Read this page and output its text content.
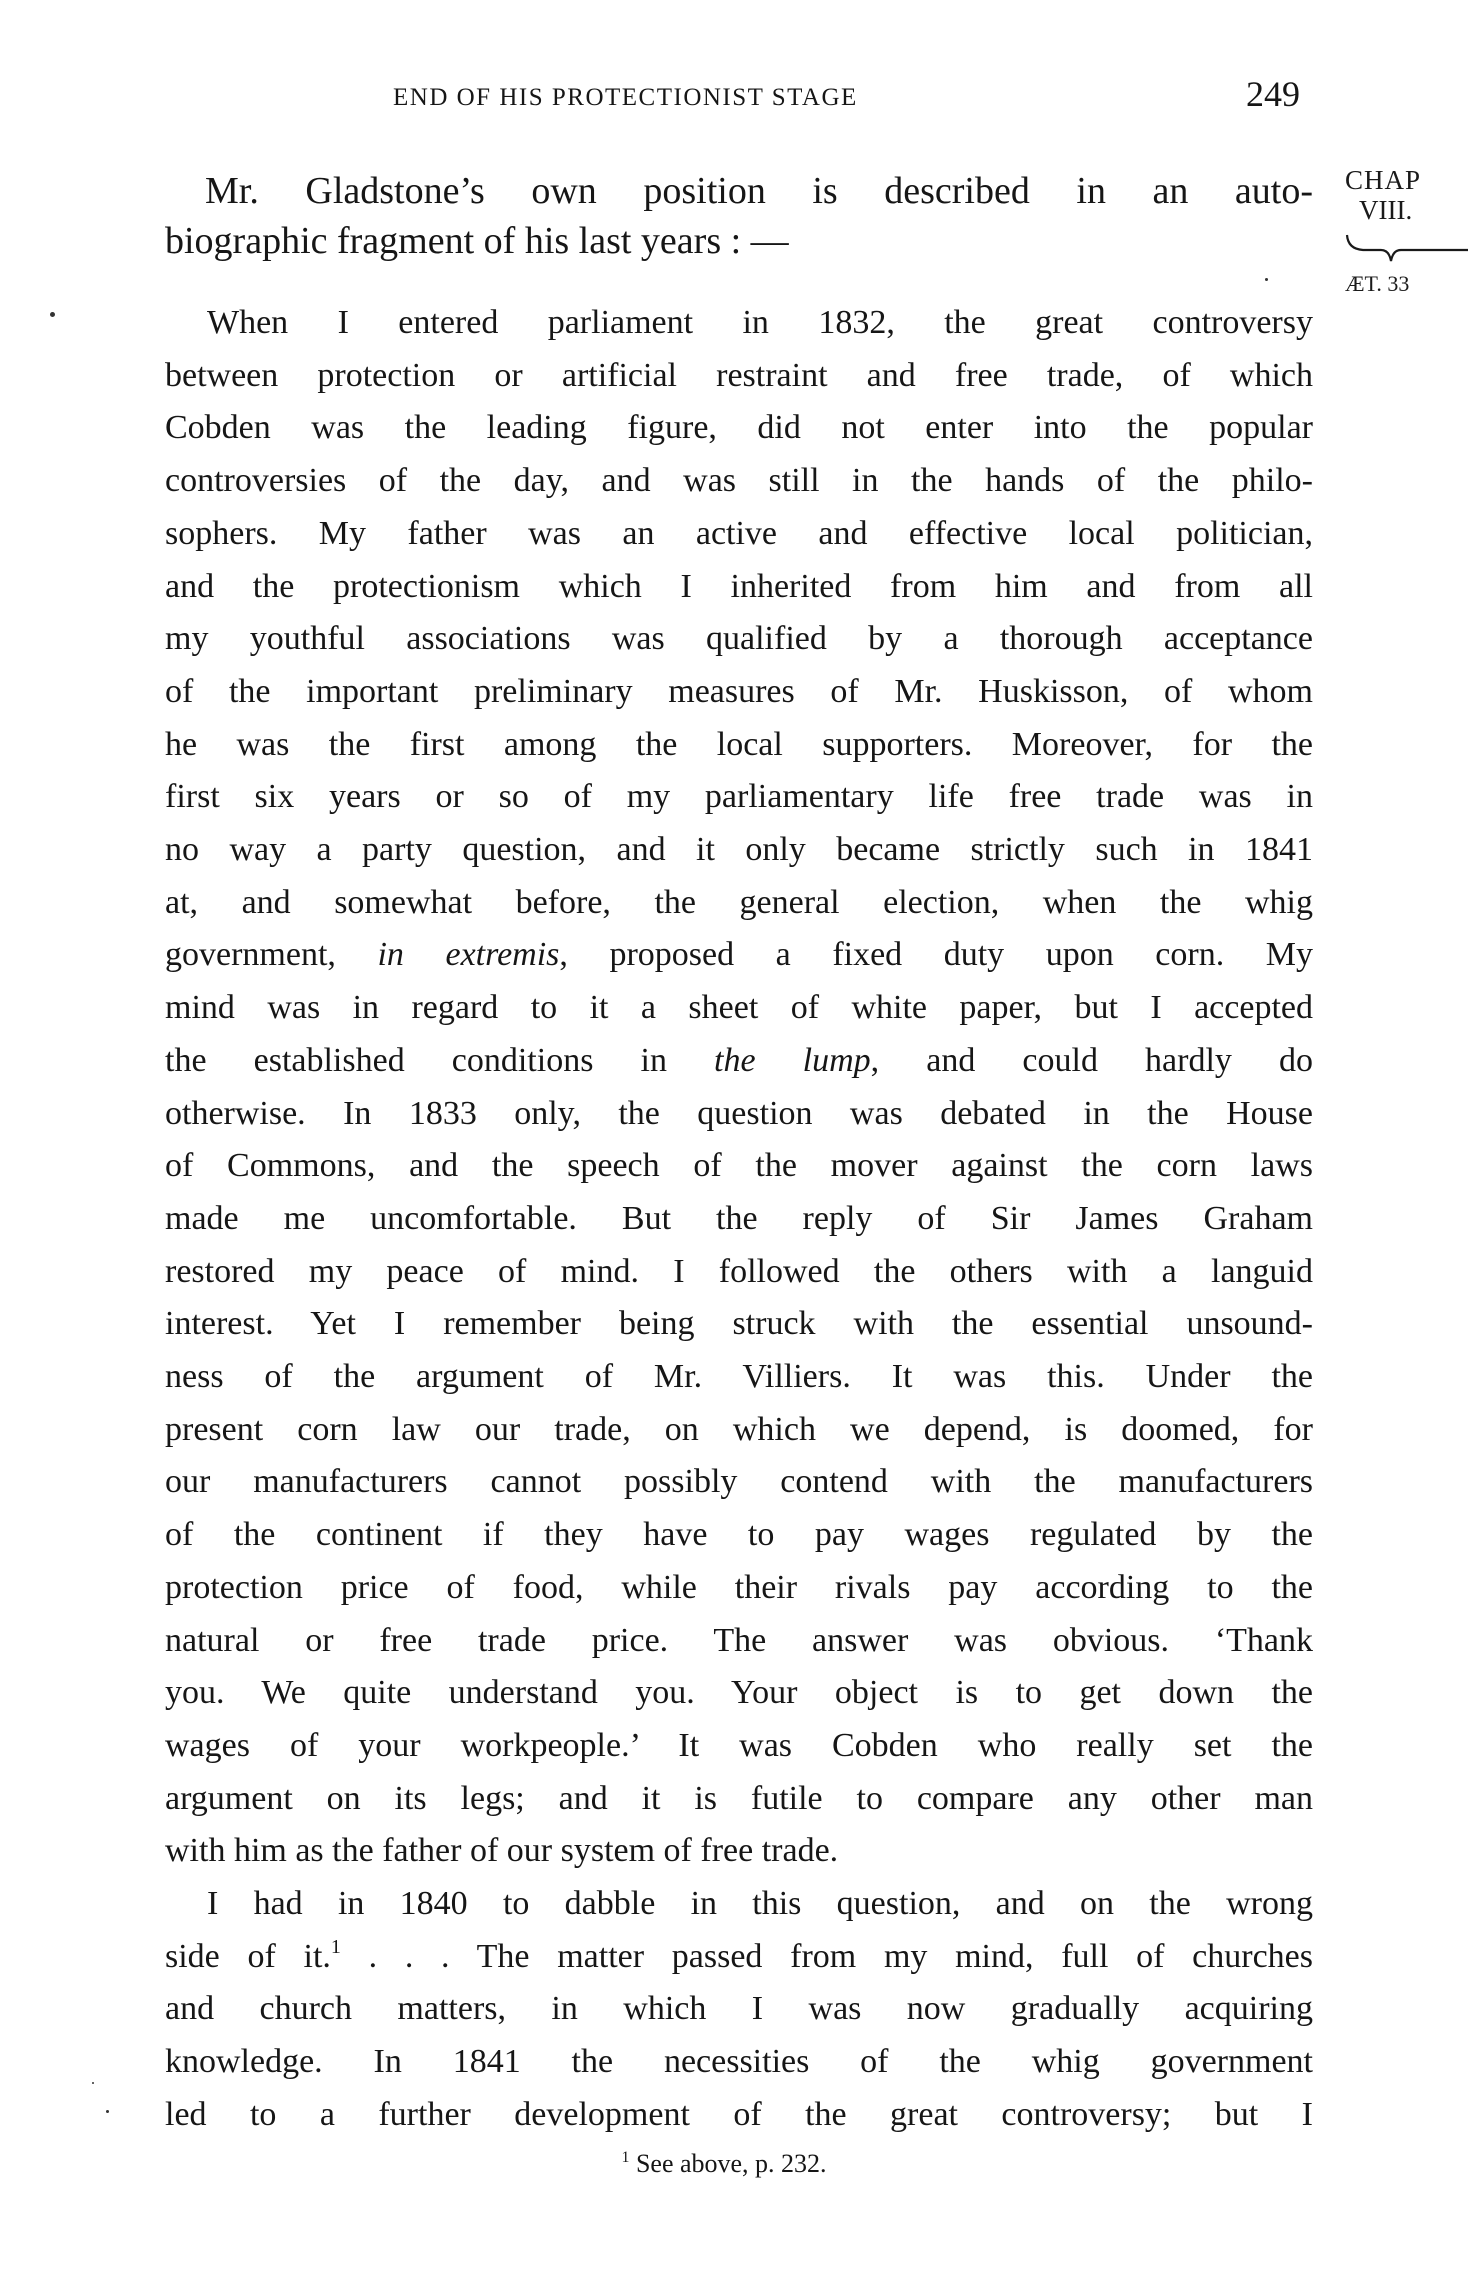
END OF HIS PROTECTIONIST STAGE	249
CHAP
VIII.
ÆT. 33
Mr. Gladstone’s own position is described in an auto-
biographic fragment of his last years : —
When I entered parliament in 1832, the great controversy
between protection or artificial restraint and free trade, of which
Cobden was the leading figure, did not enter into the popular
controversies of the day, and was still in the hands of the philo-
sophers. My father was an active and effective local politician,
and the protectionism which I inherited from him and from all
my youthful associations was qualified by a thorough acceptance
of the important preliminary measures of Mr. Huskisson, of whom
he was the first among the local supporters. Moreover, for the
first six years or so of my parliamentary life free trade was in
no way a party question, and it only became strictly such in 1841
at, and somewhat before, the general election, when the whig
government, in extremis, proposed a fixed duty upon corn. My
mind was in regard to it a sheet of white paper, but I accepted
the established conditions in the lump, and could hardly do
otherwise. In 1833 only, the question was debated in the House
of Commons, and the speech of the mover against the corn laws
made me uncomfortable. But the reply of Sir James Graham
restored my peace of mind. I followed the others with a languid
interest. Yet I remember being struck with the essential unsound-
ness of the argument of Mr. Villiers. It was this. Under the
present corn law our trade, on which we depend, is doomed, for
our manufacturers cannot possibly contend with the manufacturers
of the continent if they have to pay wages regulated by the
protection price of food, while their rivals pay according to the
natural or free trade price. The answer was obvious. ‘Thank
you. We quite understand you. Your object is to get down the
wages of your workpeople.’ It was Cobden who really set the
argument on its legs; and it is futile to compare any other man
with him as the father of our system of free trade.
I had in 1840 to dabble in this question, and on the wrong
side of it.$^1$ . . . The matter passed from my mind, full of churches
and church matters, in which I was now gradually acquiring
knowledge. In 1841 the necessities of the whig government
led to a further development of the great controversy; but I
$^1$ See above, p. 232.
